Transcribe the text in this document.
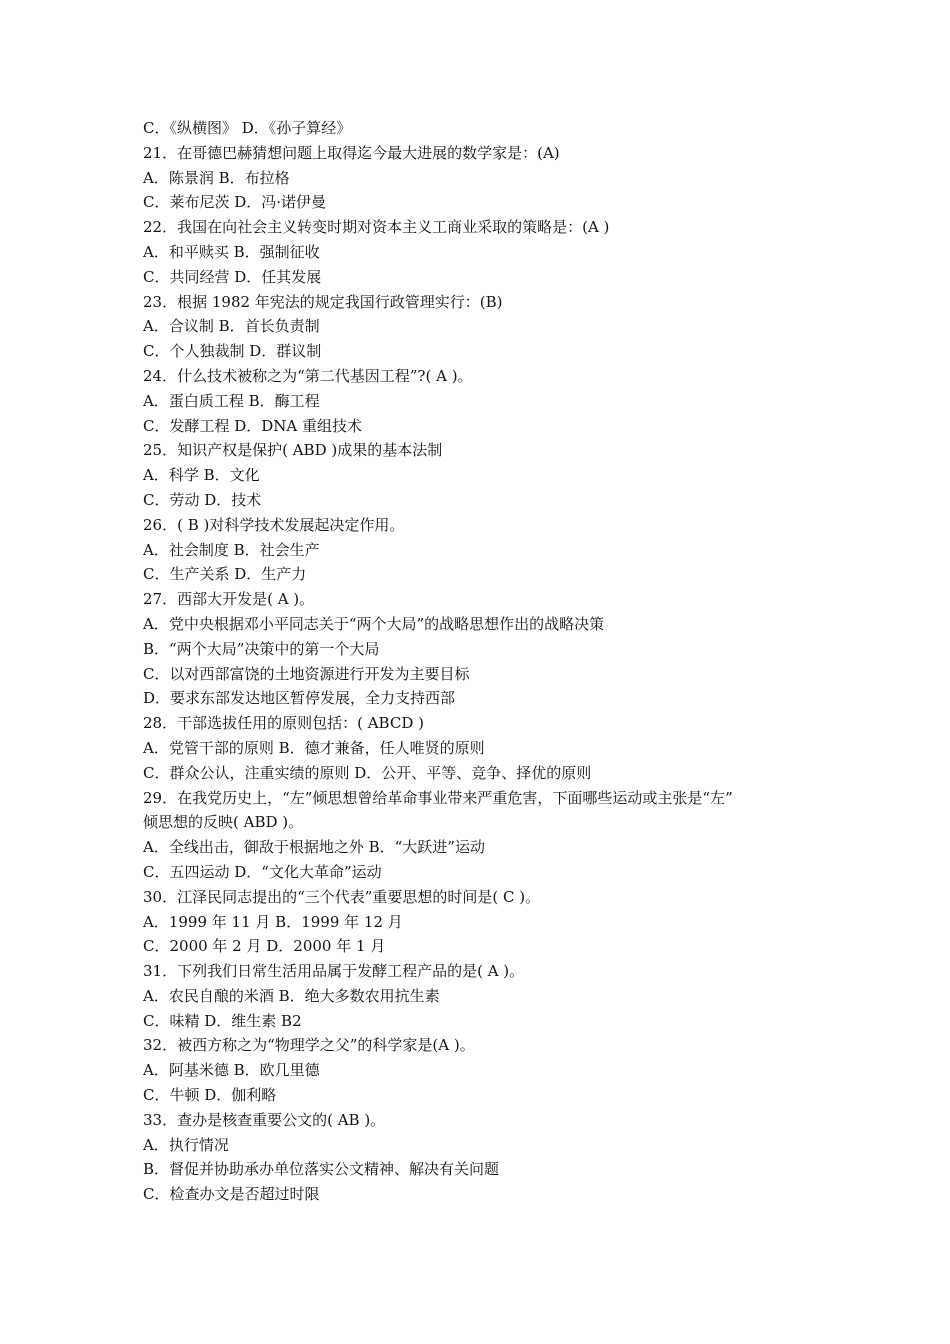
C．《纵横图》 D．《孙子算经》
21．在哥德巴赫猜想问题上取得迄今最大进展的数学家是：(A)
A．陈景润 B．布拉格
C．莱布尼茨 D．冯·诺伊曼
22．我国在向社会主义转变时期对资本主义工商业采取的策略是：(A )
A．和平赎买 B．强制征收
C．共同经营 D．任其发展
23．根据 1982 年宪法的规定我国行政管理实行：(B)
A．合议制 B．首长负责制
C．个人独裁制 D．群议制
24．什么技术被称之为“第二代基因工程”?( A )。
A．蛋白质工程 B．酶工程
C．发酵工程 D．DNA 重组技术
25．知识产权是保护( ABD )成果的基本法制
A．科学 B．文化
C．劳动 D．技术
26．( B )对科学技术发展起决定作用。
A．社会制度 B．社会生产
C．生产关系 D．生产力
27．西部大开发是( A )。
A．党中央根据邓小平同志关于“两个大局”的战略思想作出的战略决策
B．“两个大局”决策中的第一个大局
C．以对西部富饶的土地资源进行开发为主要目标
D．要求东部发达地区暂停发展，全力支持西部
28．干部选拔任用的原则包括：( ABCD )
A．党管干部的原则 B．德才兼备，任人唯贤的原则
C．群众公认，注重实绩的原则 D．公开、平等、竞争、择优的原则
29．在我党历史上，“左”倾思想曾给革命事业带来严重危害，下面哪些运动或主张是“左”
倾思想的反映( ABD )。
A．全线出击，御敌于根据地之外 B．“大跃进”运动
C．五四运动 D．“文化大革命”运动
30．江泽民同志提出的“三个代表”重要思想的时间是( C )。
A．1999 年 11 月 B．1999 年 12 月
C．2000 年 2 月 D．2000 年 1 月
31．下列我们日常生活用品属于发酵工程产品的是( A )。
A．农民自酿的米酒 B．绝大多数农用抗生素
C．味精 D．维生素 B2
32．被西方称之为“物理学之父”的科学家是(A )。
A．阿基米德 B．欧几里德
C．牛顿 D．伽利略
33．查办是核查重要公文的( AB )。
A．执行情况
B．督促并协助承办单位落实公文精神、解决有关问题
C．检查办文是否超过时限
